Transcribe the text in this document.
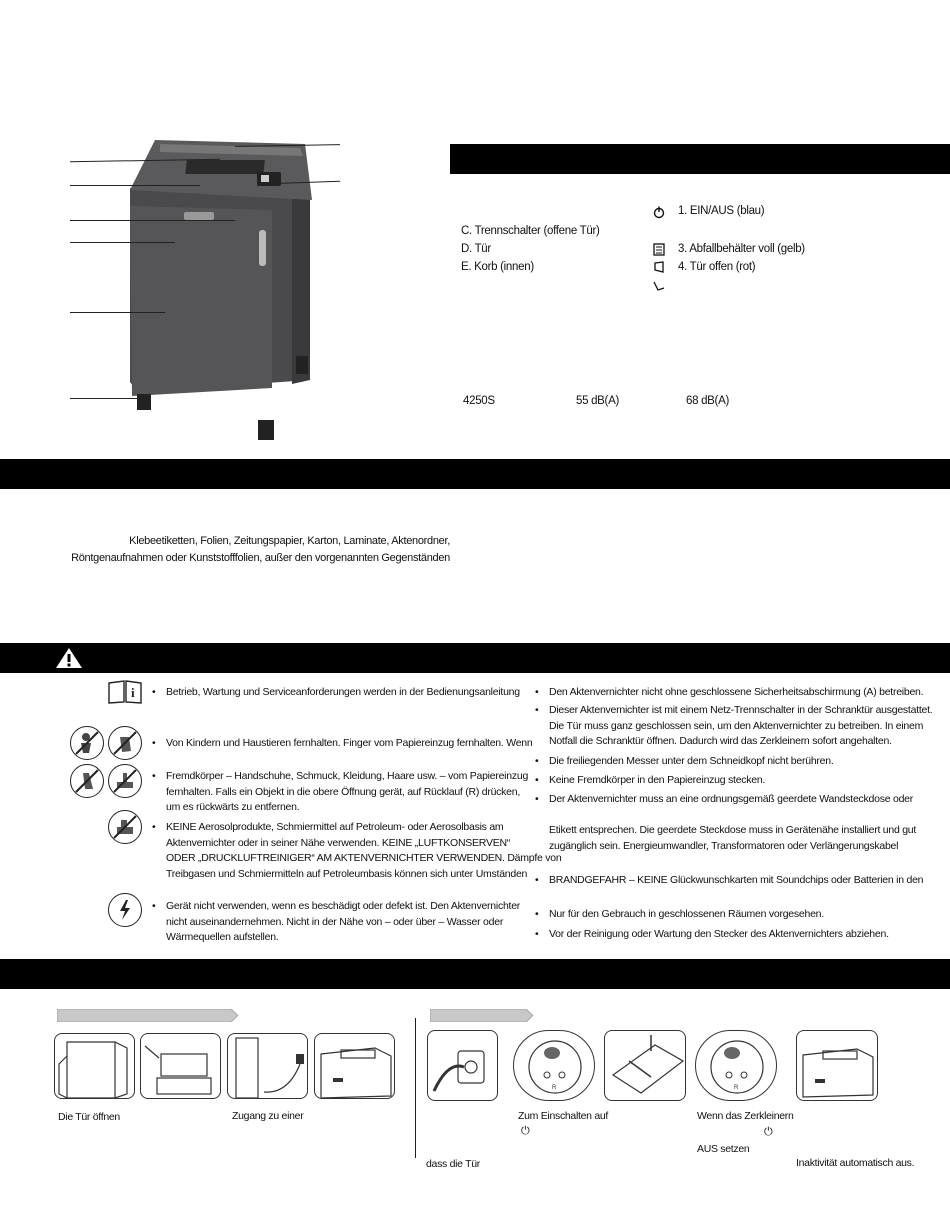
C. Trennschalter (offene Tür)
D. Tür
E. Korb (innen)
1. EIN/AUS (blau)
3. Abfallbehälter voll (gelb)
4. Tür offen (rot)
4250S	55 dB(A)	68 dB(A)
Klebeetiketten, Folien, Zeitungspapier, Karton, Laminate, Aktenordner,
Röntgenaufnahmen oder Kunststofffolien, außer den vorgenannten Gegenständen
i • Betrieb, Wartung und Serviceanforderungen werden in der Bedienungsanleitung
• Von Kindern und Haustieren fernhalten. Finger vom Papiereinzug fernhalten. Wenn
• Fremdkörper – Handschuhe, Schmuck, Kleidung, Haare usw. – vom Papiereinzug
fernhalten. Falls ein Objekt in die obere Öffnung gerät, auf Rücklauf (R) drücken,
um es rückwärts zu entfernen.
• KEINE Aerosolprodukte, Schmiermittel auf Petroleum- oder Aerosolbasis am
Aktenvernichter oder in seiner Nähe verwenden. KEINE „LUFTKONSERVEN“
ODER „DRUCKLUFTREINIGER“ AM AKTENVERNICHTER VERWENDEN. Dämpfe von
Treibgasen und Schmiermitteln auf Petroleumbasis können sich unter Umständen
• Gerät nicht verwenden, wenn es beschädigt oder defekt ist. Den Aktenvernichter
nicht auseinandernehmen. Nicht in der Nähe von – oder über – Wasser oder
Wärmequellen aufstellen.
• Den Aktenvernichter nicht ohne geschlossene Sicherheitsabschirmung (A) betreiben.
• Dieser Aktenvernichter ist mit einem Netz-Trennschalter in der Schranktür ausgestattet.
Die Tür muss ganz geschlossen sein, um den Aktenvernichter zu betreiben. In einem
Notfall die Schranktür öffnen. Dadurch wird das Zerkleinern sofort angehalten.
• Die freiliegenden Messer unter dem Schneidkopf nicht berühren.
• Keine Fremdkörper in den Papiereinzug stecken.
• Der Aktenvernichter muss an eine ordnungsgemäß geerdete Wandsteckdose oder
Etikett entsprechen. Die geerdete Steckdose muss in Gerätenähe installiert und gut
zugänglich sein. Energieumwandler, Transformatoren oder Verlängerungskabel
• BRANDGEFAHR – KEINE Glückwunschkarten mit Soundchips oder Batterien in den
• Nur für den Gebrauch in geschlossenen Räumen vorgesehen.
• Vor der Reinigung oder Wartung den Stecker des Aktenvernichters abziehen.
R	R
Die Tür öffnen	Zugang zu einer
dass die Tür
Zum Einschalten auf
⏻
Wenn das Zerkleinern
⏻
AUS setzen
Inaktivität automatisch aus.
